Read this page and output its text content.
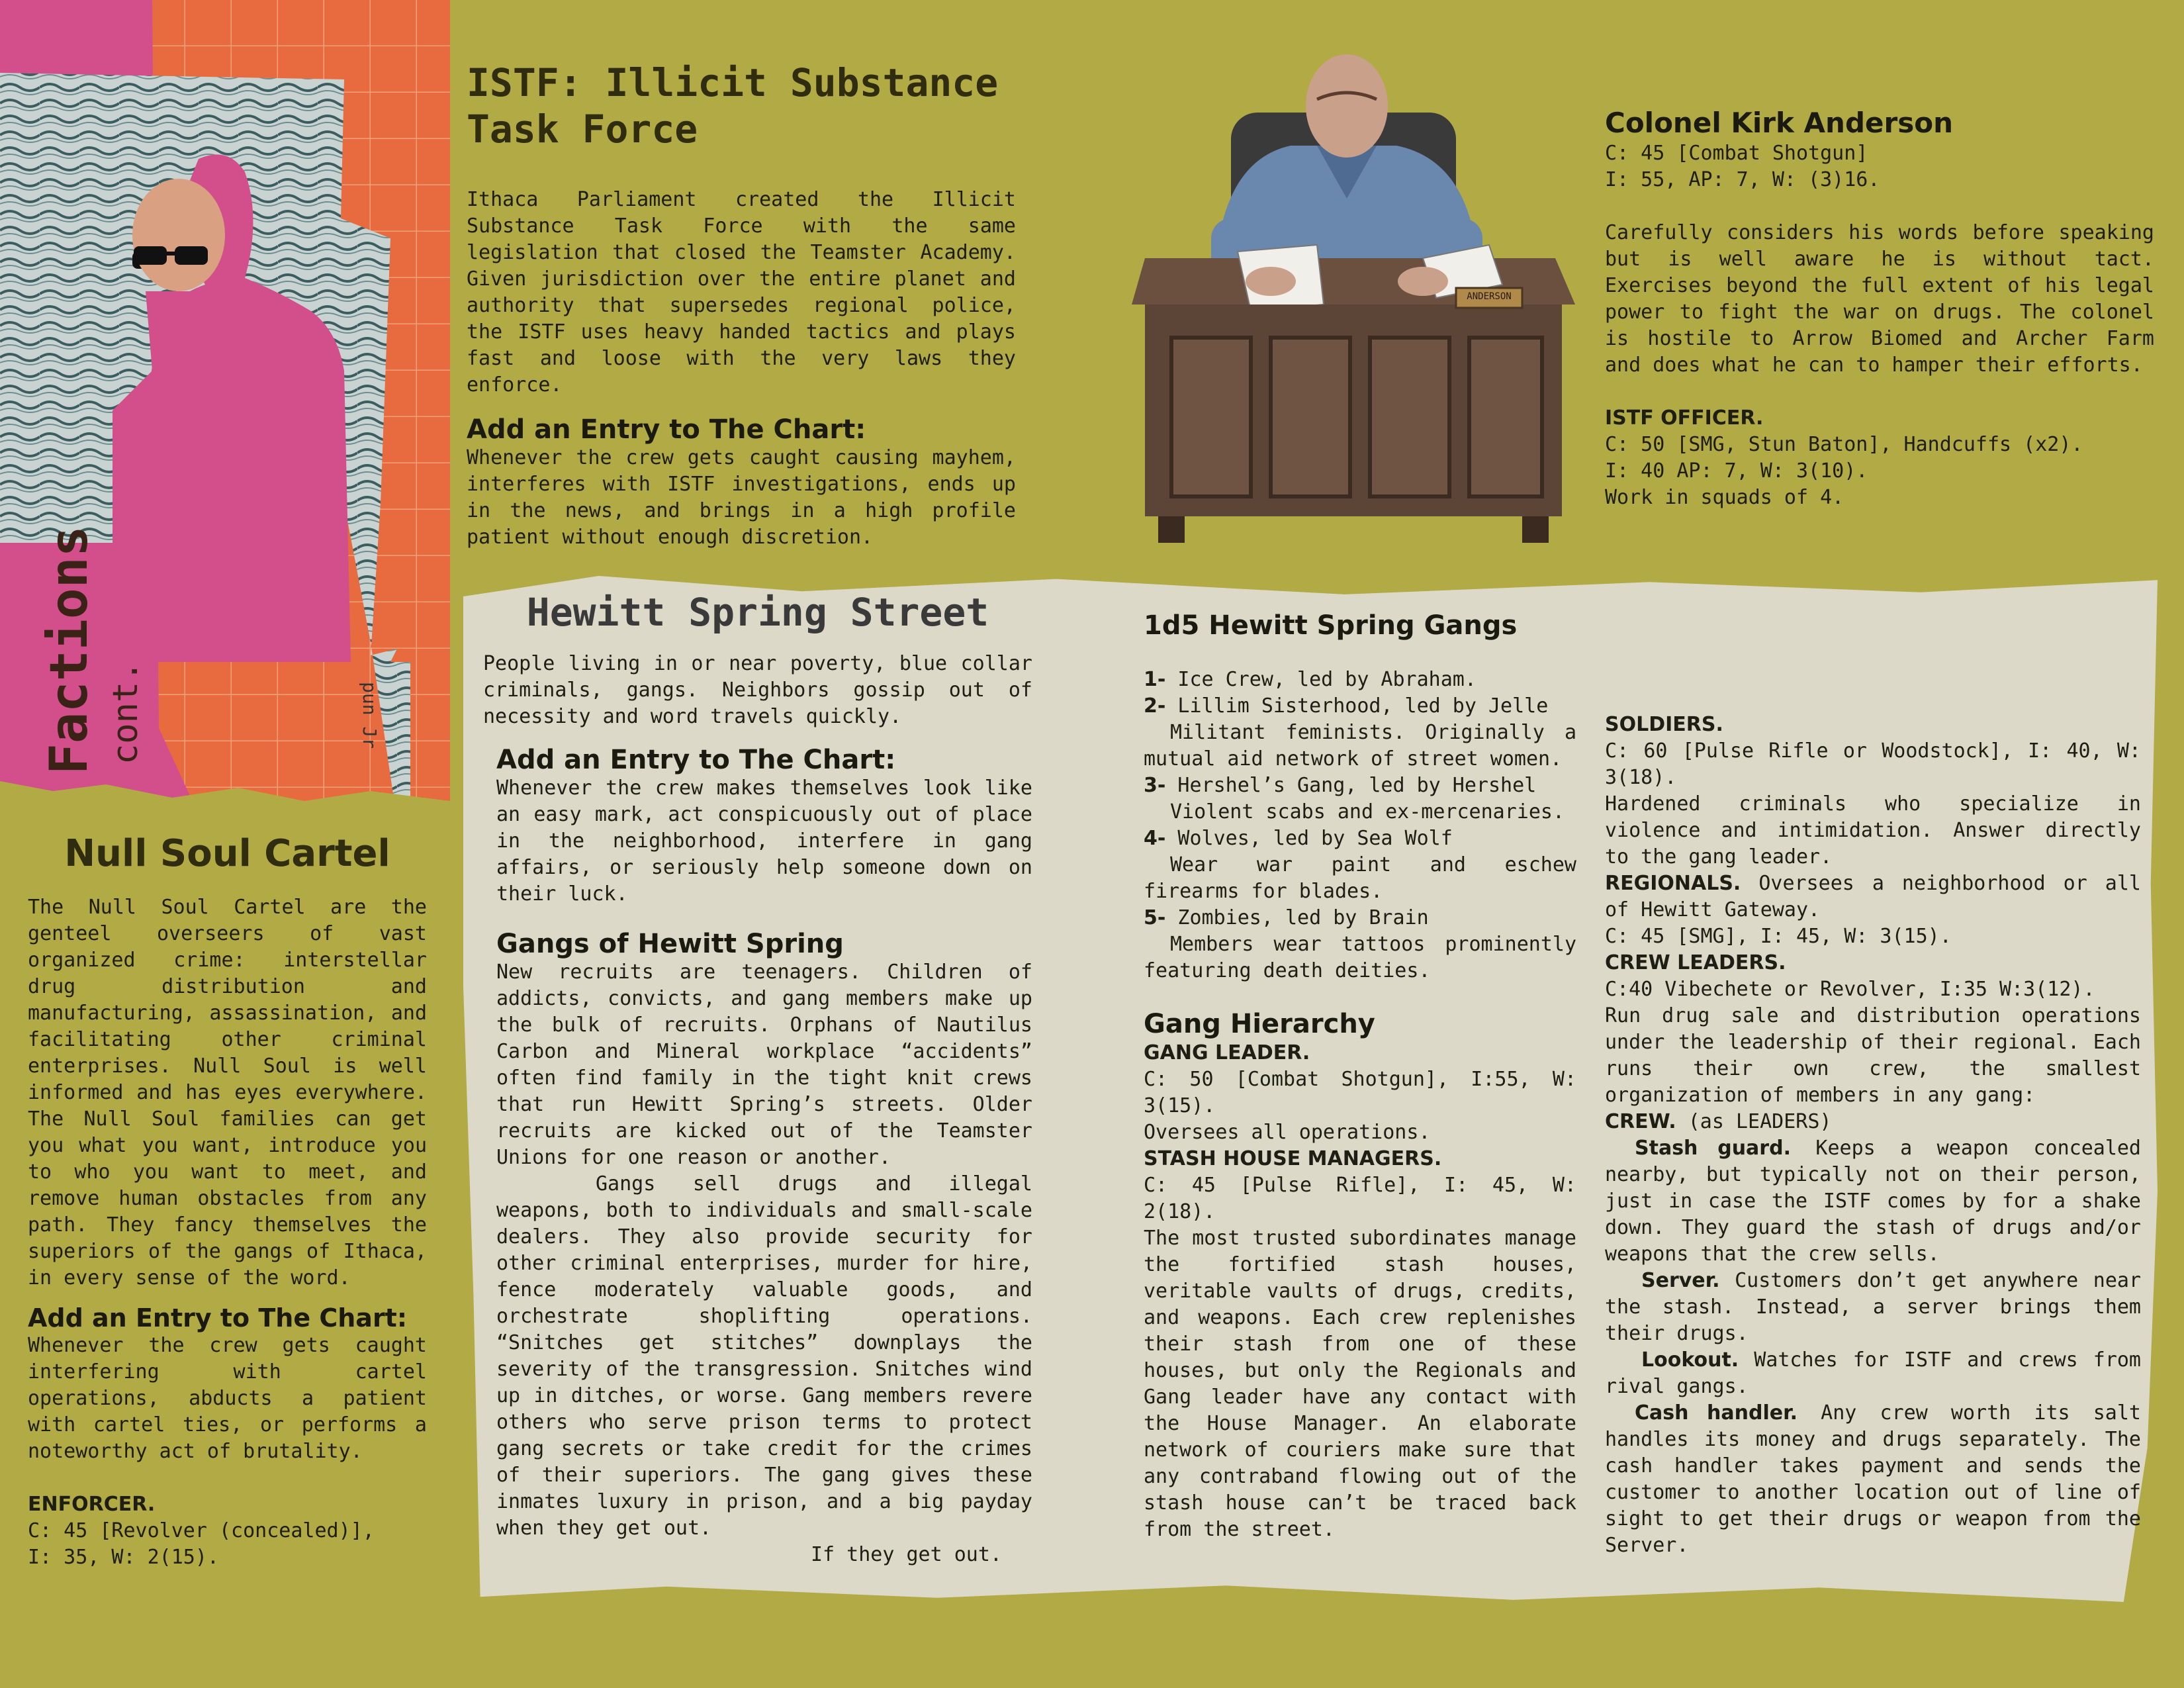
Factions cont.	pun Jr
ISTF: Illicit Substance
Task Force

Ithaca Parliament created the Illicit Substance Task Force with the same legislation that closed the Teamster Academy. Given jurisdiction over the entire planet and authority that supersedes regional police, the ISTF uses heavy handed tactics and plays fast and loose with the very laws they enforce.

Add an Entry to The Chart:

Whenever the crew gets caught causing mayhem, interferes with ISTF investigations, ends up in the news, and brings in a high profile patient without enough discretion.

ANDERSON
Colonel Kirk Anderson
C: 45 [Combat Shotgun]
I: 55, AP: 7, W: (3)16.

Carefully considers his words before speaking but is well aware he is without tact. Exercises beyond the full extent of his legal power to fight the war on drugs. The colonel is hostile to Arrow Biomed and Archer Farm and does what he can to hamper their efforts.

ISTF OFFICER.
C: 50 [SMG, Stun Baton], Handcuffs (x2).
I: 40 AP: 7, W: 3(10).
Work in squads of 4.
Null Soul Cartel

The Null Soul Cartel are the genteel overseers of vast organized crime: interstellar drug distribution and manufacturing, assassination, and facilitating other criminal enterprises. Null Soul is well informed and has eyes everywhere. The Null Soul families can get you what you want, introduce you to who you want to meet, and remove human obstacles from any path. They fancy themselves the superiors of the gangs of Ithaca, in every sense of the word.

Add an Entry to The Chart:

Whenever the crew gets caught interfering with cartel operations, abducts a patient with cartel ties, or performs a noteworthy act of brutality.

ENFORCER.
C: 45 [Revolver (concealed)],
I: 35, W: 2(15).
Hewitt Spring Street

People living in or near poverty, blue collar criminals, gangs. Neighbors gossip out of necessity and word travels quickly.

Add an Entry to The Chart:

Whenever the crew makes themselves look like an easy mark, act conspicuously out of place in the neighborhood, interfere in gang affairs, or seriously help someone down on their luck.

Gangs of Hewitt Spring

New recruits are teenagers. Children of addicts, convicts, and gang members make up the bulk of recruits. Orphans of Nautilus Carbon and Mineral workplace “accidents” often find family in the tight knit crews that run Hewitt Spring’s streets. Older recruits are kicked out of the Teamster Unions for one reason or another.

Gangs sell drugs and illegal weapons, both to individuals and small-scale dealers. They also provide security for other criminal enterprises, murder for hire, fence moderately valuable goods, and orchestrate shoplifting operations. “Snitches get stitches” downplays the severity of the transgression. Snitches wind up in ditches, or worse. Gang members revere others who serve prison terms to protect gang secrets or take credit for the crimes of their superiors. The gang gives these inmates luxury in prison, and a big payday when they get out.

If they get out.
1d5 Hewitt Spring Gangs
1- Ice Crew, led by Abraham.
2- Lillim Sisterhood, led by Jelle
Militant feminists. Originally a mutual aid network of street women.
3- Hershel’s Gang, led by Hershel
Violent scabs and ex-mercenaries.
4- Wolves, led by Sea Wolf
Wear war paint and eschew firearms for blades.
5- Zombies, led by Brain
Members wear tattoos prominently featuring death deities.
Gang Hierarchy
GANG LEADER.
C: 50 [Combat Shotgun], I:55, W: 3(15).
Oversees all operations.
STASH HOUSE MANAGERS.
C: 45 [Pulse Rifle], I: 45, W: 2(18).

The most trusted subordinates manage the fortified stash houses, veritable vaults of drugs, credits, and weapons. Each crew replenishes their stash from one of these houses, but only the Regionals and Gang leader have any contact with the House Manager. An elaborate network of couriers make sure that any contraband flowing out of the stash house can’t be traced back from the street.

SOLDIERS.
C: 60 [Pulse Rifle or Woodstock], I: 40, W: 3(18).

Hardened criminals who specialize in violence and intimidation. Answer directly to the gang leader.

REGIONALS. Oversees a neighborhood or all of Hewitt Gateway.
C: 45 [SMG], I: 45, W: 3(15).
CREW LEADERS.
C:40 Vibechete or Revolver, I:35 W:3(12).

Run drug sale and distribution operations under the leadership of their regional. Each runs their own crew, the smallest organization of members in any gang:

CREW. (as LEADERS)

Stash guard. Keeps a weapon concealed nearby, but typically not on their person, just in case the ISTF comes by for a shake down. They guard the stash of drugs and/or weapons that the crew sells.

Server. Customers don’t get anywhere near the stash. Instead, a server brings them their drugs.

Lookout. Watches for ISTF and crews from rival gangs.

Cash handler. Any crew worth its salt handles its money and drugs separately. The cash handler takes payment and sends the customer to another location out of line of sight to get their drugs or weapon from the Server.
